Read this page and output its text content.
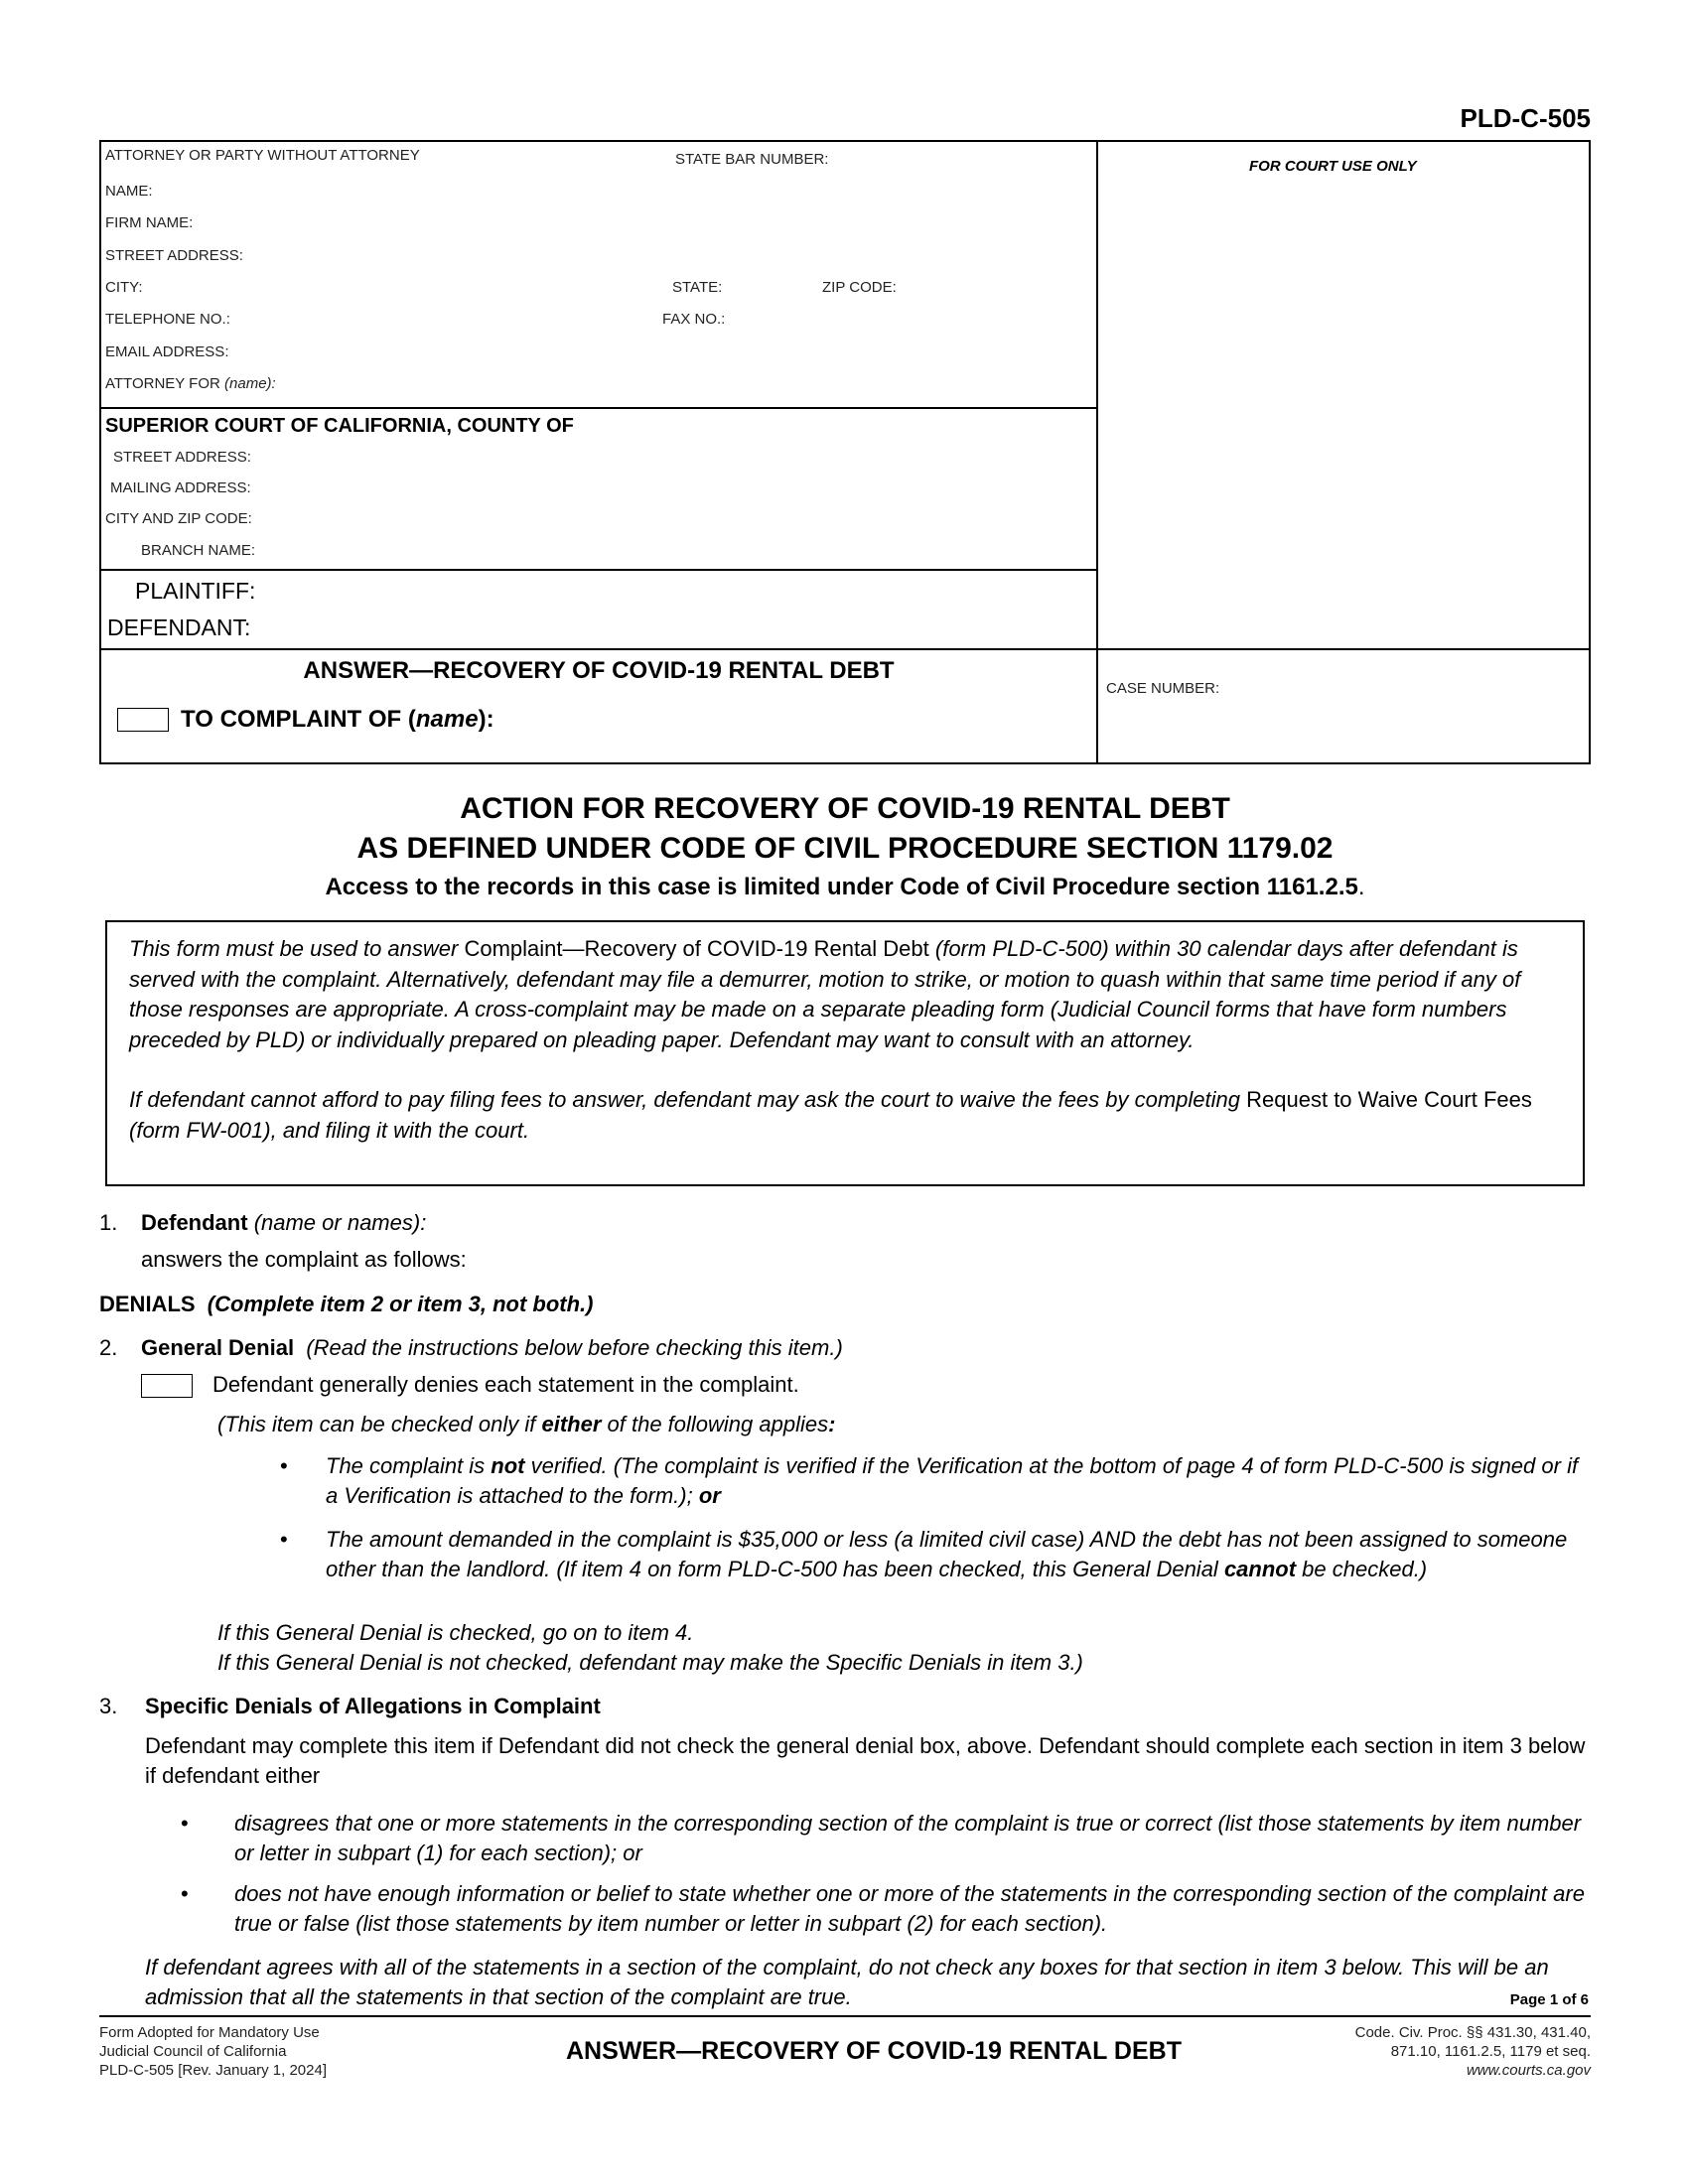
PLD-C-505
ATTORNEY OR PARTY WITHOUT ATTORNEY	STATE BAR NUMBER:	FOR COURT USE ONLY
NAME:
FIRM NAME:
STREET ADDRESS:
CITY:	STATE:	ZIP CODE:
TELEPHONE NO.:	FAX NO.:
EMAIL ADDRESS:
ATTORNEY FOR (name):
SUPERIOR COURT OF CALIFORNIA, COUNTY OF
STREET ADDRESS:
MAILING ADDRESS:
CITY AND ZIP CODE:
BRANCH NAME:
PLAINTIFF:
DEFENDANT:
ANSWER—RECOVERY OF COVID-19 RENTAL DEBT
TO COMPLAINT OF (name):
CASE NUMBER:
ACTION FOR RECOVERY OF COVID-19 RENTAL DEBT
AS DEFINED UNDER CODE OF CIVIL PROCEDURE SECTION 1179.02
Access to the records in this case is limited under Code of Civil Procedure section 1161.2.5.

This form must be used to answer Complaint—Recovery of COVID-19 Rental Debt (form PLD-C-500) within 30 calendar days after defendant is served with the complaint. Alternatively, defendant may file a demurrer, motion to strike, or motion to quash within that same time period if any of those responses are appropriate. A cross-complaint may be made on a separate pleading form (Judicial Council forms that have form numbers preceded by PLD) or individually prepared on pleading paper. Defendant may want to consult with an attorney.

If defendant cannot afford to pay filing fees to answer, defendant may ask the court to waive the fees by completing Request to Waive Court Fees (form FW-001), and filing it with the court.

1. Defendant (name or names):
answers the complaint as follows:
DENIALS (Complete item 2 or item 3, not both.)
2. General Denial (Read the instructions below before checking this item.)
Defendant generally denies each statement in the complaint.
(This item can be checked only if either of the following applies:
• The complaint is not verified. (The complaint is verified if the Verification at the bottom of page 4 of form PLD-C-500 is signed or if a Verification is attached to the form.); or
• The amount demanded in the complaint is $35,000 or less (a limited civil case) AND the debt has not been assigned to someone other than the landlord. (If item 4 on form PLD-C-500 has been checked, this General Denial cannot be checked.)
If this General Denial is checked, go on to item 4.
If this General Denial is not checked, defendant may make the Specific Denials in item 3.)
3. Specific Denials of Allegations in Complaint
Defendant may complete this item if Defendant did not check the general denial box, above. Defendant should complete each section in item 3 below if defendant either
• disagrees that one or more statements in the corresponding section of the complaint is true or correct (list those statements by item number or letter in subpart (1) for each section); or
• does not have enough information or belief to state whether one or more of the statements in the corresponding section of the complaint are true or false (list those statements by item number or letter in subpart (2) for each section).
If defendant agrees with all of the statements in a section of the complaint, do not check any boxes for that section in item 3 below. This will be an admission that all the statements in that section of the complaint are true.	Page 1 of 6
Form Adopted for Mandatory Use
Judicial Council of California
PLD-C-505 [Rev. January 1, 2024]
ANSWER—RECOVERY OF COVID-19 RENTAL DEBT
Code. Civ. Proc. §§ 431.30, 431.40,
871.10, 1161.2.5, 1179 et seq.
www.courts.ca.gov
